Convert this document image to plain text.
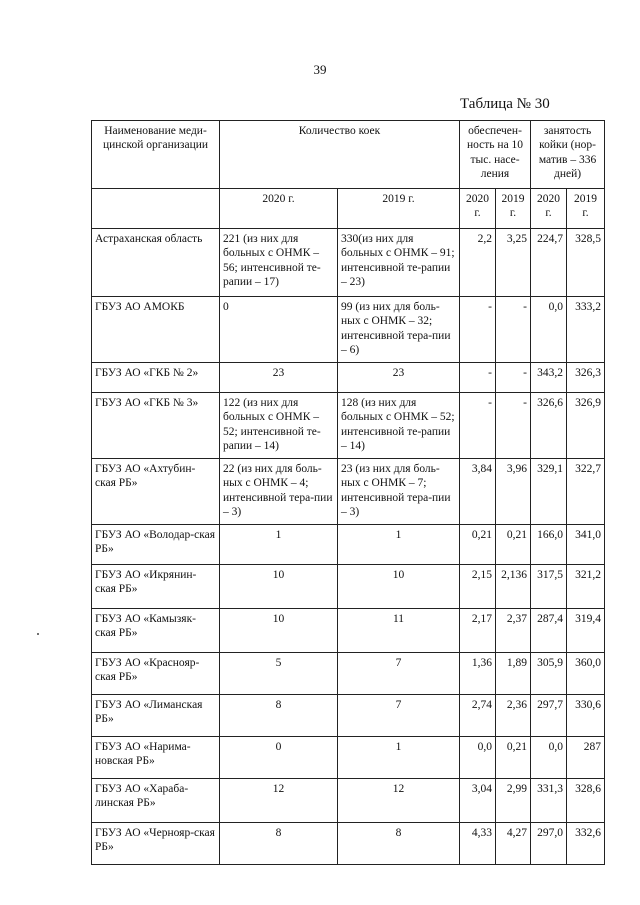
39
Таблица № 30
Наименование меди-цинской организации	Количество коек		обеспечен-ность на 10 тыс. насе-ления		занятость койки (нор-матив – 336 дней)	
	2020 г.	2019 г.	2020 г.	2019 г.	2020 г.	2019 г.
Астраханская область	221 (из них для больных с ОНМК – 56; интенсивной те-рапии – 17)	330(из них для больных с ОНМК – 91; интенсивной те-рапии – 23)	2,2	3,25	224,7	328,5
ГБУЗ АО АМОКБ	0	99 (из них для боль-ных с ОНМК – 32; интенсивной тера-пии – 6)	-	-	0,0	333,2
ГБУЗ АО «ГКБ № 2»	23	23	-	-	343,2	326,3
ГБУЗ АО «ГКБ № 3»	122 (из них для больных с ОНМК – 52; интенсивной те-рапии – 14)	128 (из них для больных с ОНМК – 52; интенсивной те-рапии – 14)	-	-	326,6	326,9
ГБУЗ АО «Ахтубин-ская РБ»	22 (из них для боль-ных с ОНМК – 4; интенсивной тера-пии – 3)	23 (из них для боль-ных с ОНМК – 7; интенсивной тера-пии – 3)	3,84	3,96	329,1	322,7
ГБУЗ АО «Володар-ская РБ»	1	1	0,21	0,21	166,0	341,0
ГБУЗ АО «Икрянин-ская РБ»	10	10	2,15	2,136	317,5	321,2
ГБУЗ АО «Камызяк-ская РБ»	10	11	2,17	2,37	287,4	319,4
ГБУЗ АО «Краснояр-ская РБ»	5	7	1,36	1,89	305,9	360,0
ГБУЗ АО «Лиманская РБ»	8	7	2,74	2,36	297,7	330,6
ГБУЗ АО «Нарима-новская РБ»	0	1	0,0	0,21	0,0	287
ГБУЗ АО «Хараба-линская РБ»	12	12	3,04	2,99	331,3	328,6
ГБУЗ АО «Чернояр-ская РБ»	8	8	4,33	4,27	297,0	332,6
